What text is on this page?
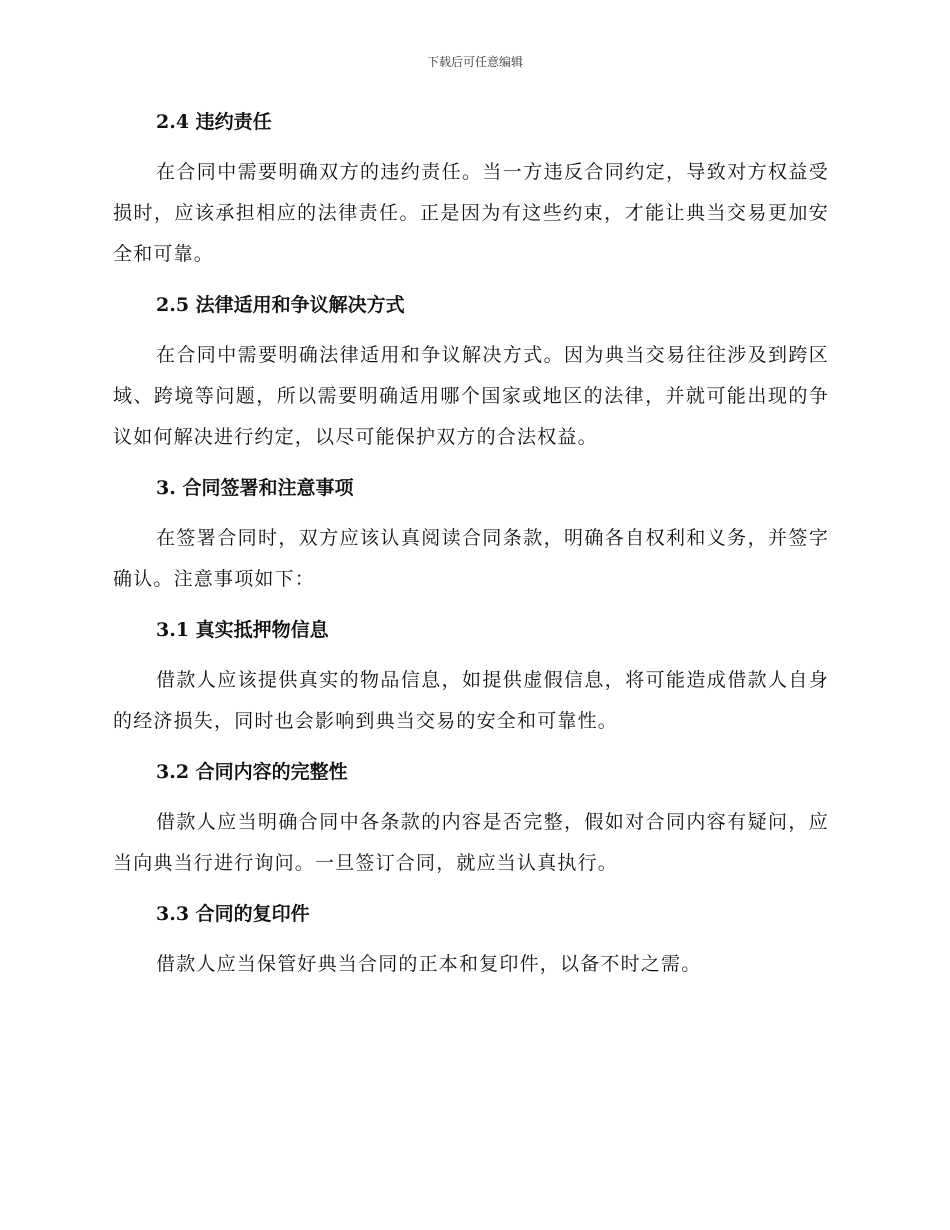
下载后可任意编辑
2.4 违约责任

在合同中需要明确双方的违约责任。当一方违反合同约定，导致对方权益受损时，应该承担相应的法律责任。正是因为有这些约束，才能让典当交易更加安全和可靠。

2.5 法律适用和争议解决方式

在合同中需要明确法律适用和争议解决方式。因为典当交易往往涉及到跨区域、跨境等问题，所以需要明确适用哪个国家或地区的法律，并就可能出现的争议如何解决进行约定，以尽可能保护双方的合法权益。

3. 合同签署和注意事项

在签署合同时，双方应该认真阅读合同条款，明确各自权利和义务，并签字确认。注意事项如下：

3.1 真实抵押物信息

借款人应该提供真实的物品信息，如提供虚假信息，将可能造成借款人自身的经济损失，同时也会影响到典当交易的安全和可靠性。

3.2 合同内容的完整性

借款人应当明确合同中各条款的内容是否完整，假如对合同内容有疑问，应当向典当行进行询问。一旦签订合同，就应当认真执行。

3.3 合同的复印件

借款人应当保管好典当合同的正本和复印件，以备不时之需。
